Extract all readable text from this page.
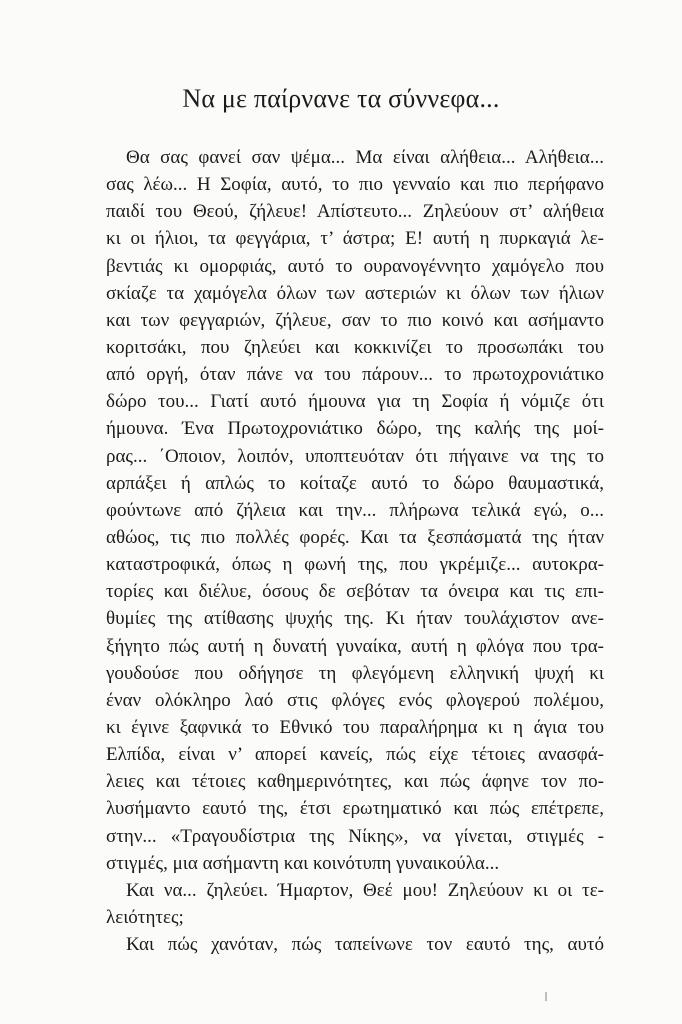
Να με παίρνανε τα σύννεφα...
Θα σας φανεί σαν ψέμα... Μα είναι αλήθεια... Αλήθεια...
σας λέω... Η Σοφία, αυτό, το πιο γενναίο και πιο περήφανο
παιδί του Θεού, ζήλευε! Απίστευτο... Ζηλεύουν στ’ αλήθεια
κι οι ήλιοι, τα φεγγάρια, τ’ άστρα; Ε! αυτή η πυρκαγιά λε-
βεντιάς κι ομορφιάς, αυτό το ουρανογέννητο χαμόγελο που
σκίαζε τα χαμόγελα όλων των αστεριών κι όλων των ήλιων
και των φεγγαριών, ζήλευε, σαν το πιο κοινό και ασήμαντο
κοριτσάκι, που ζηλεύει και κοκκινίζει το προσωπάκι του
από οργή, όταν πάνε να του πάρουν... το πρωτοχρονιάτικο
δώρο του... Γιατί αυτό ήμουνα για τη Σοφία ή νόμιζε ότι
ήμουνα. Ένα Πρωτοχρονιάτικο δώρο, της καλής της μοί-
ρας... ΄Οποιον, λοιπόν, υποπτευόταν ότι πήγαινε να της το
αρπάξει ή απλώς το κοίταζε αυτό το δώρο θαυμαστικά,
φούντωνε από ζήλεια και την... πλήρωνα τελικά εγώ, ο...
αθώος, τις πιο πολλές φορές. Και τα ξεσπάσματά της ήταν
καταστροφικά, όπως η φωνή της, που γκρέμιζε... αυτοκρα-
τορίες και διέλυε, όσους δε σεβόταν τα όνειρα και τις επι-
θυμίες της ατίθασης ψυχής της. Κι ήταν τουλάχιστον ανε-
ξήγητο πώς αυτή η δυνατή γυναίκα, αυτή η φλόγα που τρα-
γουδούσε που οδήγησε τη φλεγόμενη ελληνική ψυχή κι
έναν ολόκληρο λαό στις φλόγες ενός φλογερού πολέμου,
κι έγινε ξαφνικά το Εθνικό του παραλήρημα κι η άγια του
Ελπίδα, είναι ν’ απορεί κανείς, πώς είχε τέτοιες ανασφά-
λειες και τέτοιες καθημερινότητες, και πώς άφηνε τον πο-
λυσήμαντο εαυτό της, έτσι ερωτηματικό και πώς επέτρεπε,
στην... «Τραγουδίστρια της Νίκης», να γίνεται, στιγμές -
στιγμές, μια ασήμαντη και κοινότυπη γυναικούλα...
Και να... ζηλεύει. Ήμαρτον, Θεέ μου! Ζηλεύουν κι οι τε-
λειότητες;
Και πώς χανόταν, πώς ταπείνωνε τον εαυτό της, αυτό
